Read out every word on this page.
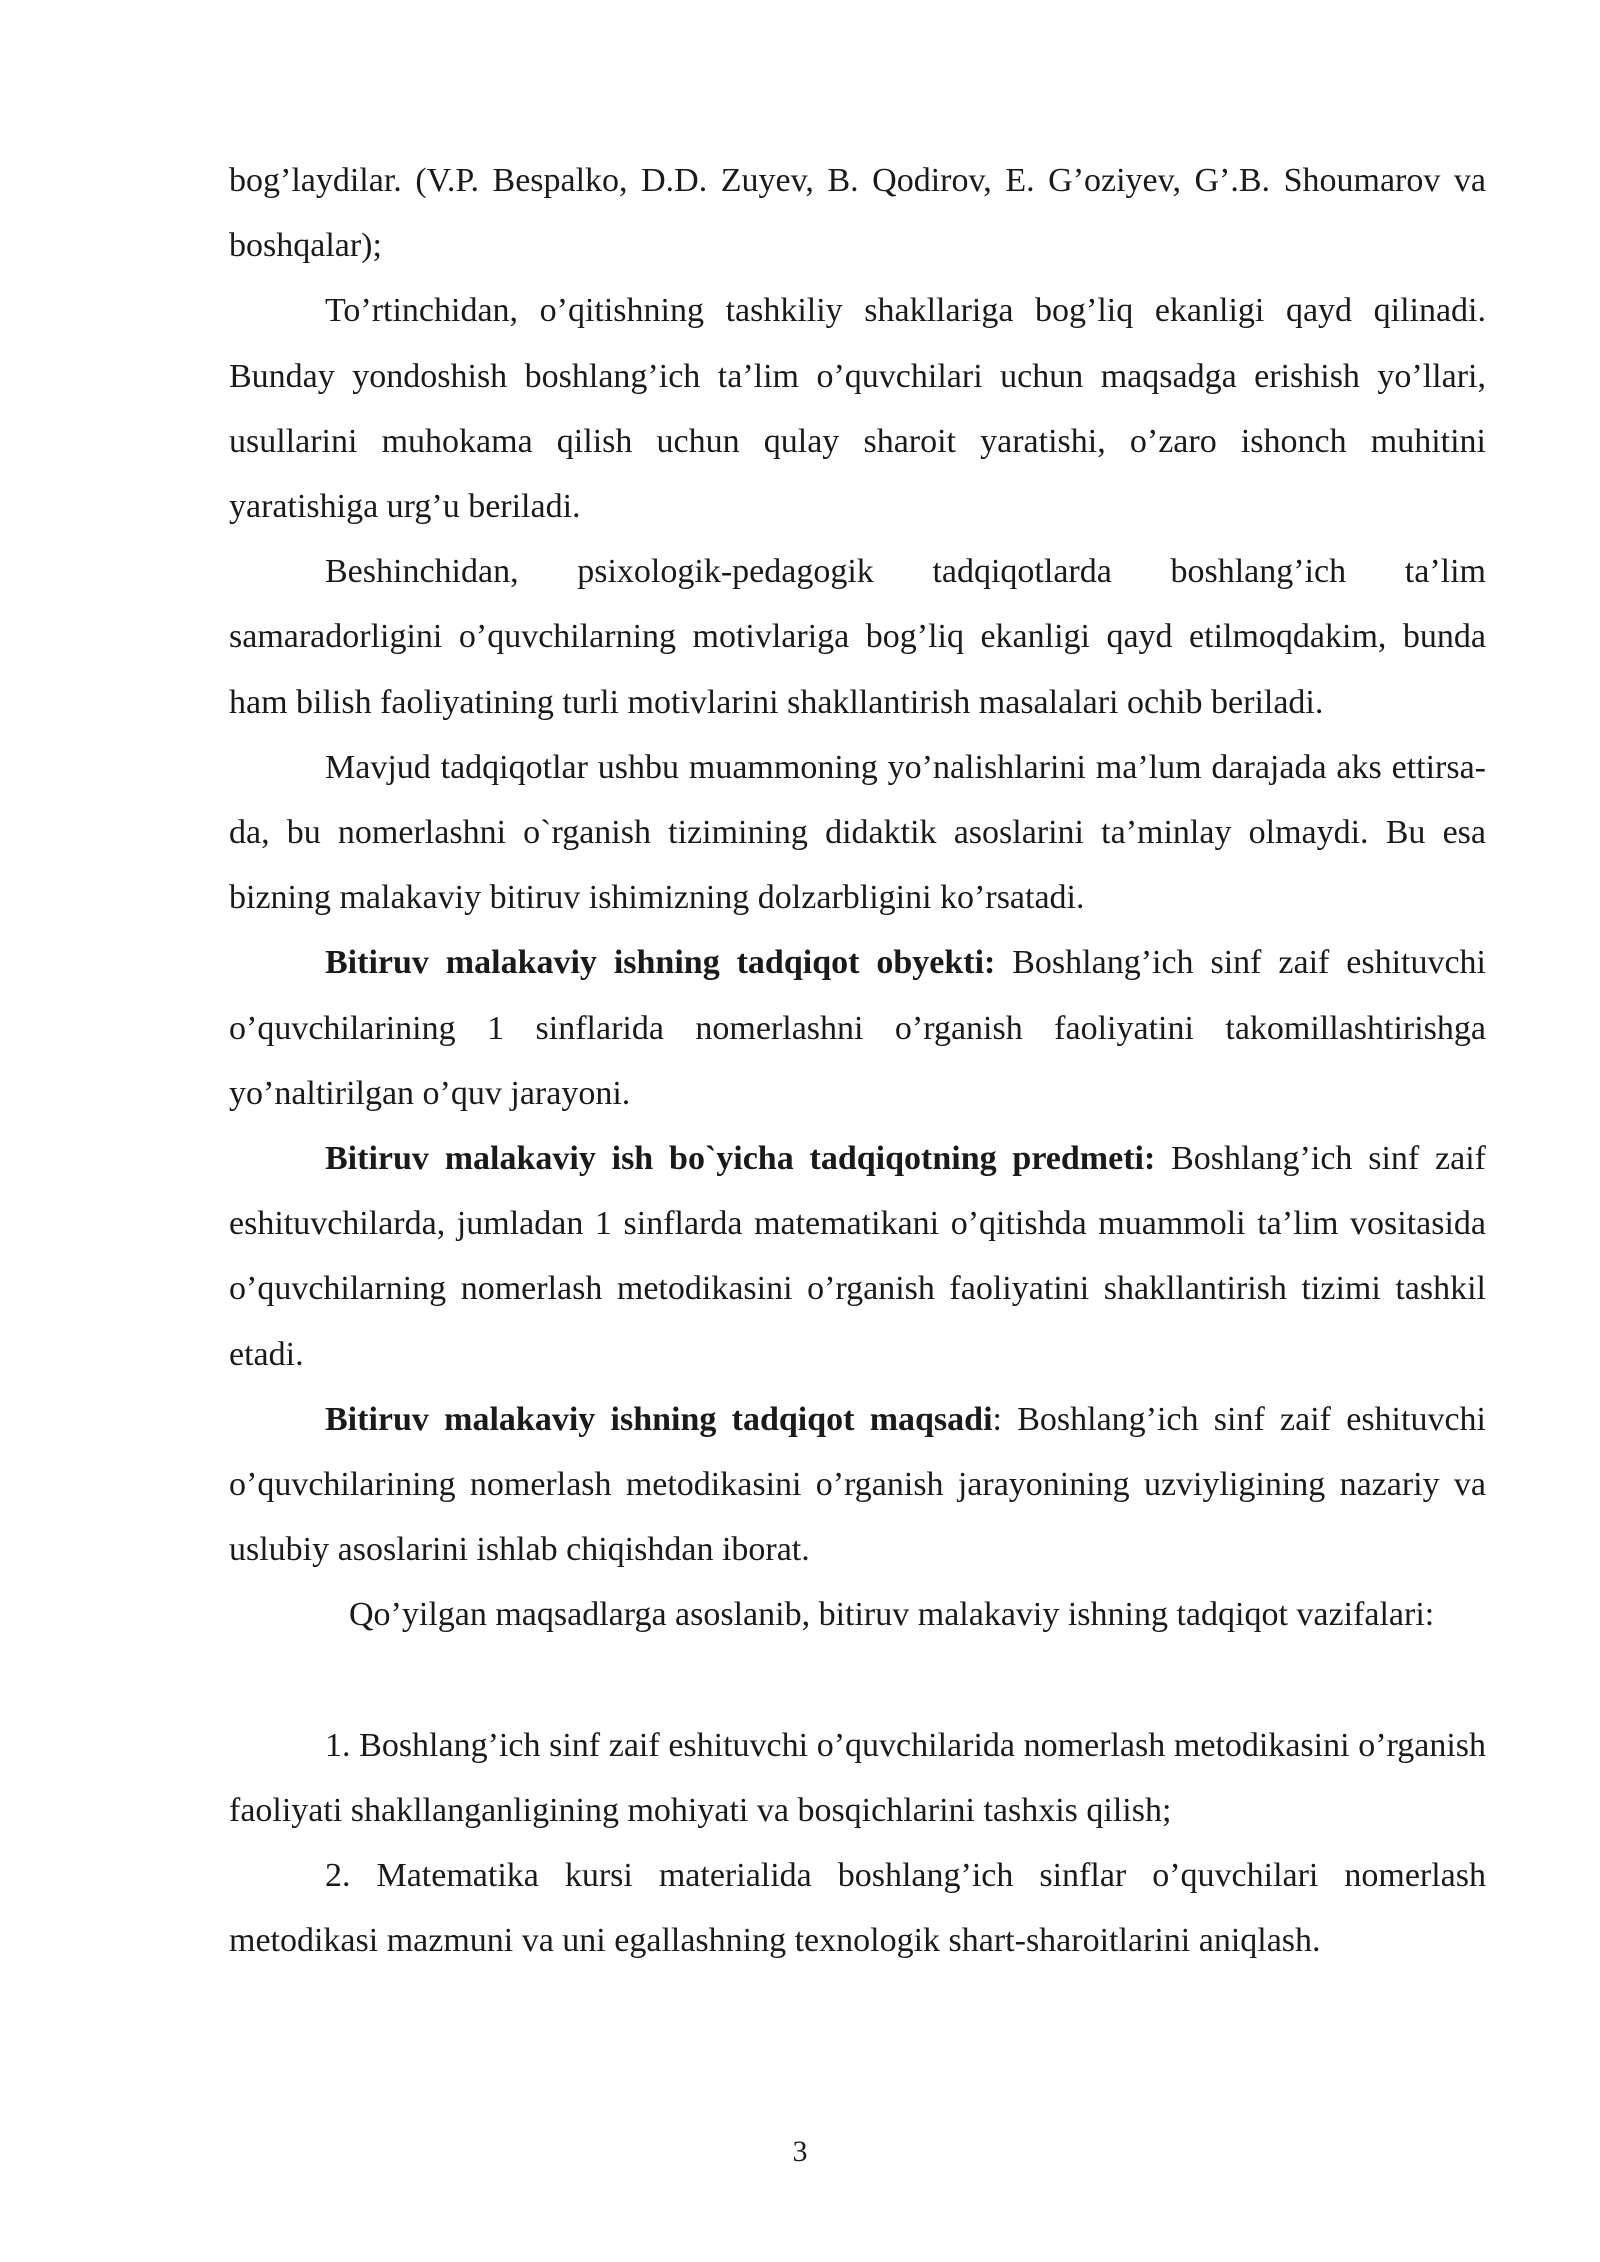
bog’laydilar. (V.P. Bespalko, D.D. Zuyev, B. Qodirov, E. G’oziyev, G’.B. Shoumarov va boshqalar);

To’rtinchidan, o’qitishning tashkiliy shakllariga bog’liq ekanligi qayd qilinadi. Bunday yondoshish boshlang’ich ta’lim o’quvchilari uchun maqsadga erishish yo’llari, usullarini muhokama qilish uchun qulay sharoit yaratishi, o’zaro ishonch muhitini yaratishiga urg’u beriladi.

Beshinchidan, psixologik-pedagogik tadqiqotlarda boshlang’ich ta’lim samaradorligini o’quvchilarning motivlariga bog’liq ekanligi qayd etilmoqdakim, bunda ham bilish faoliyatining turli motivlarini shakllantirish masalalari ochib beriladi.

Mavjud tadqiqotlar ushbu muammoning yo’nalishlarini ma’lum darajada aks ettirsa-da, bu nomerlashni o`rganish tizimining didaktik asoslarini ta’minlay olmaydi. Bu esa bizning malakaviy bitiruv ishimizning dolzarbligini ko’rsatadi.

Bitiruv malakaviy ishning tadqiqot obyekti: Boshlang’ich sinf zaif eshituvchi o’quvchilarining 1 sinflarida nomerlashni o’rganish faoliyatini takomillashtirishga yo’naltirilgan o’quv jarayoni.

Bitiruv malakaviy ish bo`yicha tadqiqotning predmeti: Boshlang’ich sinf zaif eshituvchilarda, jumladan 1 sinflarda matematikani o’qitishda muammoli ta’lim vositasida o’quvchilarning nomerlash metodikasini o’rganish faoliyatini shakllantirish tizimi tashkil etadi.

Bitiruv malakaviy ishning tadqiqot maqsadi: Boshlang’ich sinf zaif eshituvchi o’quvchilarining nomerlash metodikasini o’rganish jarayonining uzviyligining nazariy va uslubiy asoslarini ishlab chiqishdan iborat.

Qo’yilgan maqsadlarga asoslanib, bitiruv malakaviy ishning tadqiqot vazifalari:

1. Boshlang’ich sinf zaif eshituvchi o’quvchilarida nomerlash metodikasini o’rganish faoliyati shakllanganligining mohiyati va bosqichlarini tashxis qilish;

2. Matematika kursi materialida boshlang’ich sinflar o’quvchilari nomerlash metodikasi mazmuni va uni egallashning texnologik shart-sharoitlarini aniqlash.

3
